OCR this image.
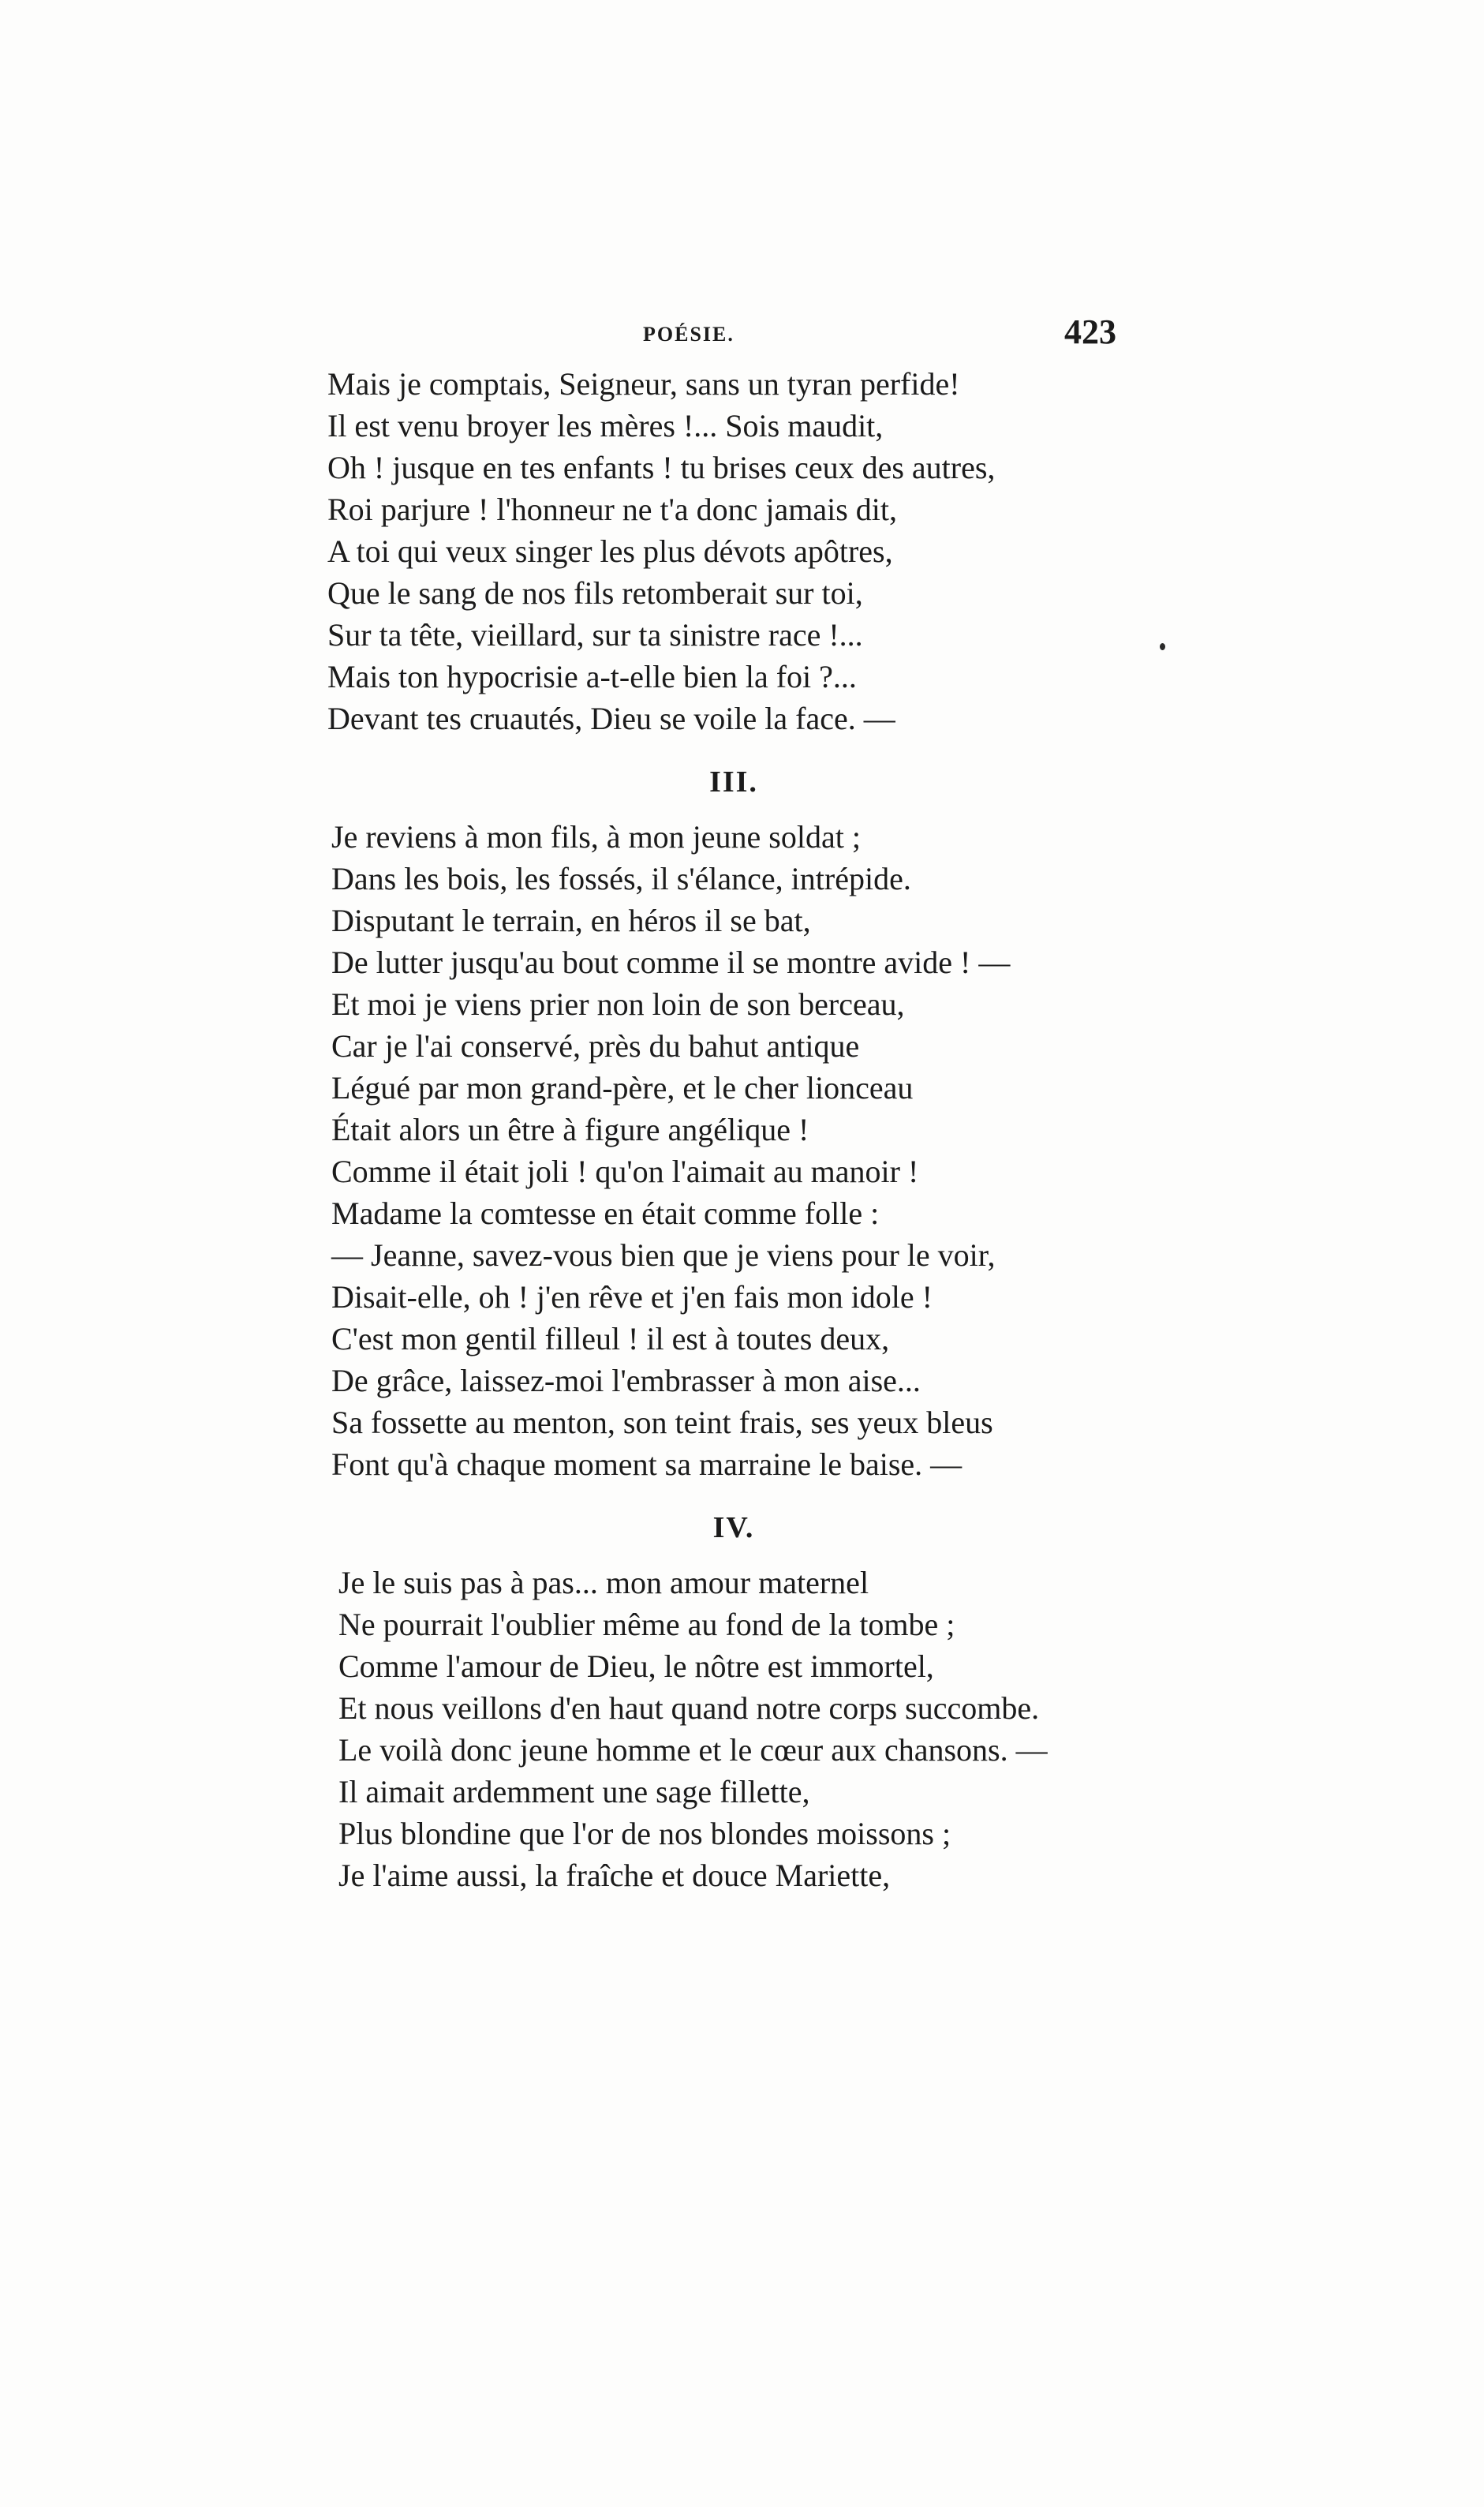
POÉSIE.	423
Mais je comptais, Seigneur, sans un tyran perfide!
Il est venu broyer les mères !... Sois maudit,
Oh ! jusque en tes enfants ! tu brises ceux des autres,
Roi parjure ! l'honneur ne t'a donc jamais dit,
A toi qui veux singer les plus dévots apôtres,
Que le sang de nos fils retomberait sur toi,
Sur ta tête, vieillard, sur ta sinistre race !...
Mais ton hypocrisie a-t-elle bien la foi ?...
Devant tes cruautés, Dieu se voile la face. —
III.
Je reviens à mon fils, à mon jeune soldat ;
Dans les bois, les fossés, il s'élance, intrépide.
Disputant le terrain, en héros il se bat,
De lutter jusqu'au bout comme il se montre avide ! —
Et moi je viens prier non loin de son berceau,
Car je l'ai conservé, près du bahut antique
Légué par mon grand-père, et le cher lionceau
Était alors un être à figure angélique !
Comme il était joli ! qu'on l'aimait au manoir !
Madame la comtesse en était comme folle :
— Jeanne, savez-vous bien que je viens pour le voir,
Disait-elle, oh ! j'en rêve et j'en fais mon idole !
C'est mon gentil filleul ! il est à toutes deux,
De grâce, laissez-moi l'embrasser à mon aise...
Sa fossette au menton, son teint frais, ses yeux bleus
Font qu'à chaque moment sa marraine le baise. —
IV.
Je le suis pas à pas... mon amour maternel
Ne pourrait l'oublier même au fond de la tombe ;
Comme l'amour de Dieu, le nôtre est immortel,
Et nous veillons d'en haut quand notre corps succombe.
Le voilà donc jeune homme et le cœur aux chansons. —
Il aimait ardemment une sage fillette,
Plus blondine que l'or de nos blondes moissons ;
Je l'aime aussi, la fraîche et douce Mariette,
